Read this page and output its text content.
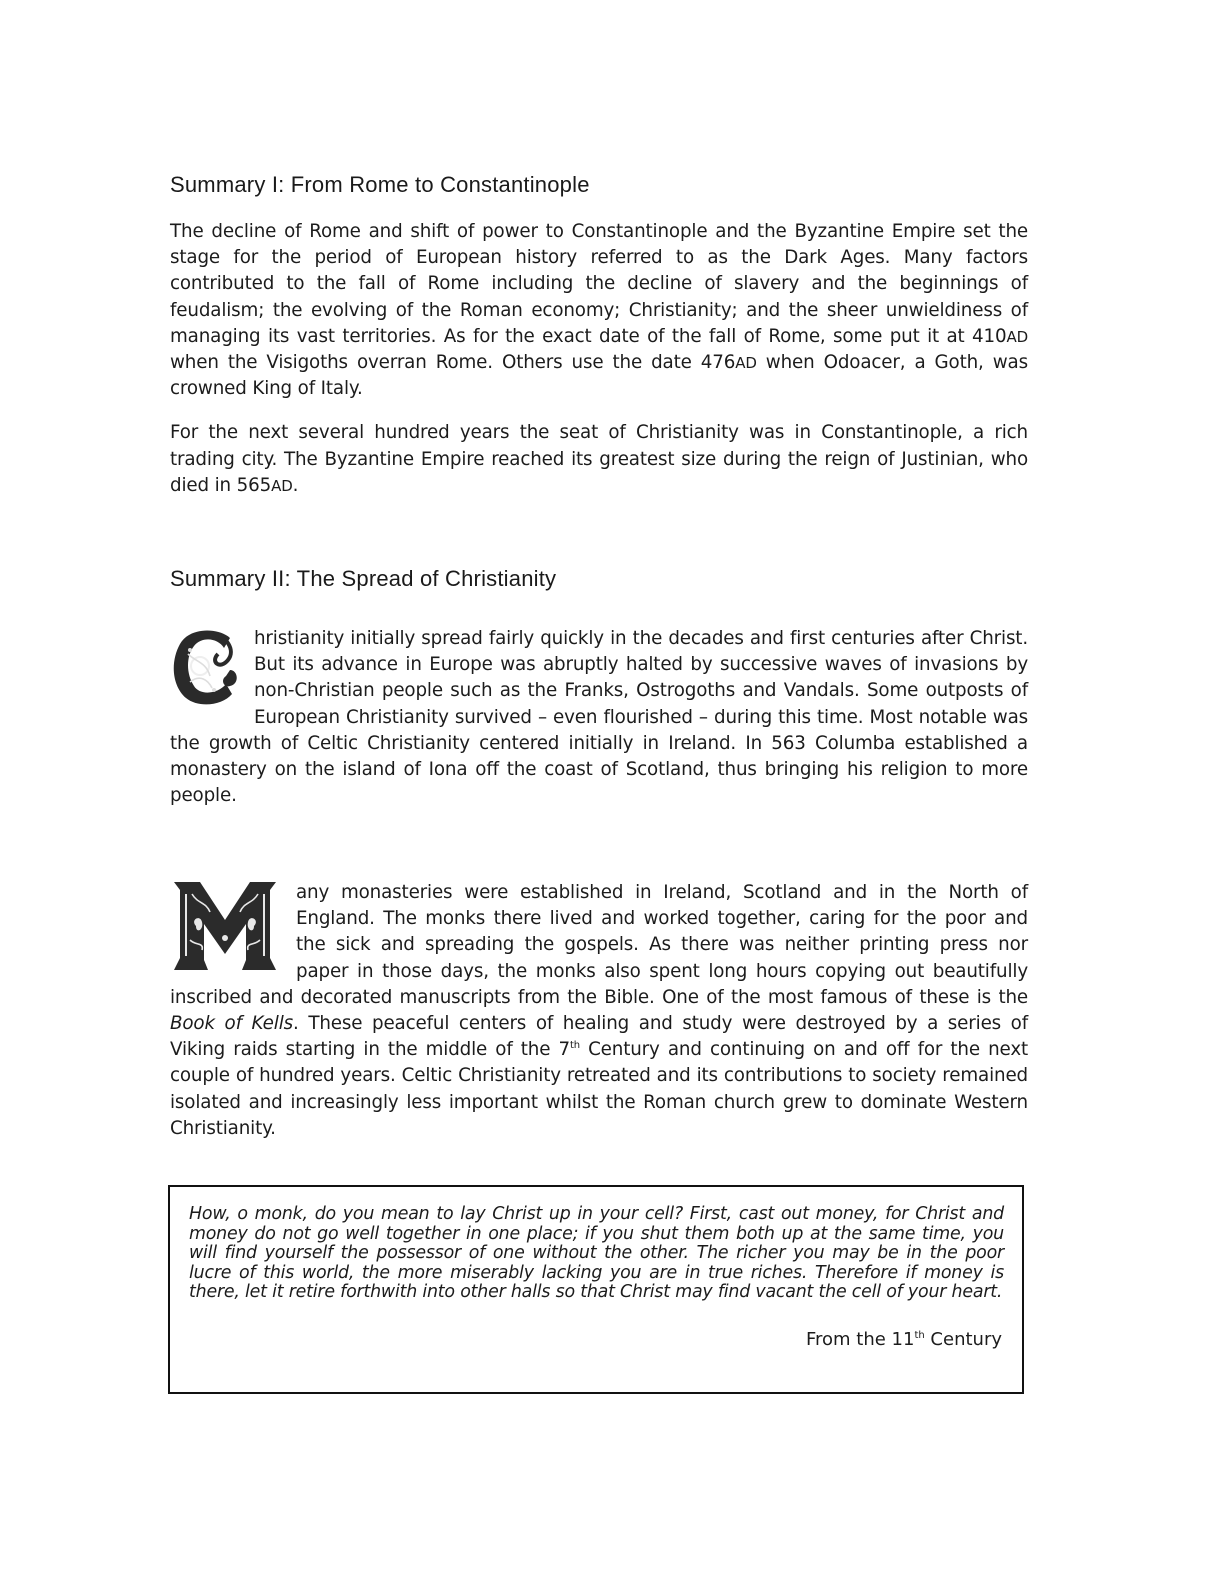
Summary I: From Rome to Constantinople

The decline of Rome and shift of power to Constantinople and the Byzantine Empire set the stage for the period of European history referred to as the Dark Ages. Many factors contributed to the fall of Rome including the decline of slavery and the beginnings of feudalism; the evolving of the Roman economy; Christianity; and the sheer unwieldiness of managing its vast territories. As for the exact date of the fall of Rome, some put it at 410AD when the Visigoths overran Rome. Others use the date 476AD when Odoacer, a Goth, was crowned King of Italy.

For the next several hundred years the seat of Christianity was in Constantinople, a rich trading city. The Byzantine Empire reached its greatest size during the reign of Justinian, who died in 565AD.

Summary II: The Spread of Christianity

hristianity initially spread fairly quickly in the decades and first centuries after Christ. But its advance in Europe was abruptly halted by successive waves of invasions by non-Christian people such as the Franks, Ostrogoths and Vandals. Some outposts of European Christianity survived – even flourished – during this time. Most notable was the growth of Celtic Christianity centered initially in Ireland. In 563 Columba established a monastery on the island of Iona off the coast of Scotland, thus bringing his religion to more people.

any monasteries were established in Ireland, Scotland and in the North of England. The monks there lived and worked together, caring for the poor and the sick and spreading the gospels. As there was neither printing press nor paper in those days, the monks also spent long hours copying out beautifully inscribed and decorated manuscripts from the Bible. One of the most famous of these is the Book of Kells. These peaceful centers of healing and study were destroyed by a series of Viking raids starting in the middle of the 7th Century and continuing on and off for the next couple of hundred years. Celtic Christianity retreated and its contributions to society remained isolated and increasingly less important whilst the Roman church grew to dominate Western Christianity.

How, o monk, do you mean to lay Christ up in your cell? First, cast out money, for Christ and money do not go well together in one place; if you shut them both up at the same time, you will find yourself the possessor of one without the other. The richer you may be in the poor lucre of this world, the more miserably lacking you are in true riches. Therefore if money is there, let it retire forthwith into other halls so that Christ may find vacant the cell of your heart.
From the 11th Century
